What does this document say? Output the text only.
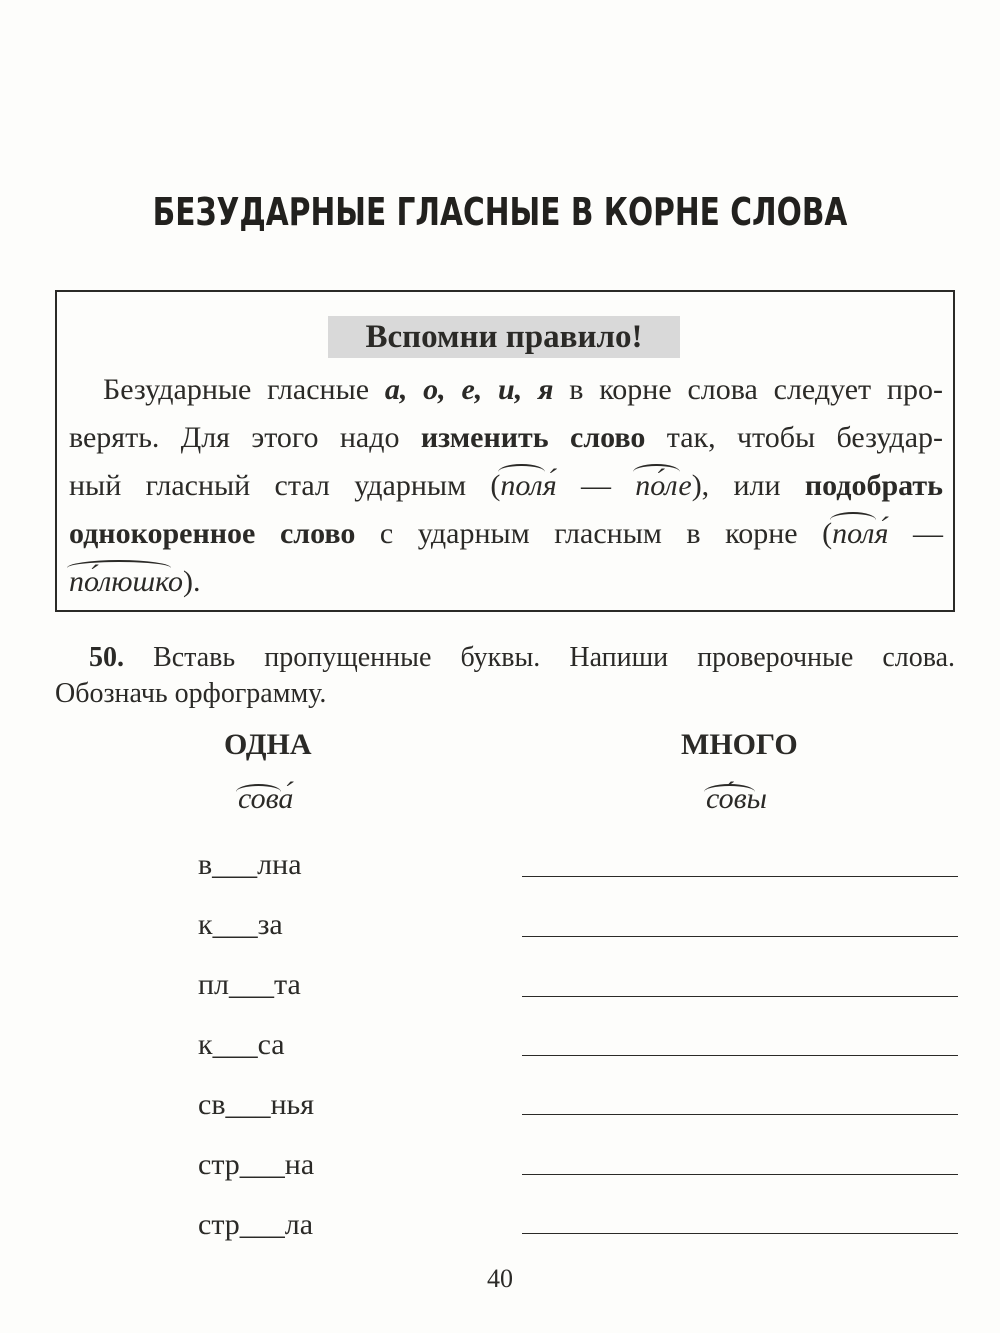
БЕЗУДАРНЫЕ ГЛАСНЫЕ В КОРНЕ СЛОВА
Вспомни правило!
Безударные гласные а, о, е, и, я в корне слова следует про-
верять. Для этого надо изменить слово так, чтобы безудар-
ный гласный стал ударным (поля́ — по́ле), или подобрать
однокоренное слово с ударным гласным в корне (поля́ —
по́люшко).
50. Вставь пропущенные буквы. Напиши проверочные слова.
Обозначь орфограмму.
ОДНА	МНОГО
сова́	со́вы
в___лна
к___за
пл___та
к___са
св___нья
стр___на
стр___ла
40
